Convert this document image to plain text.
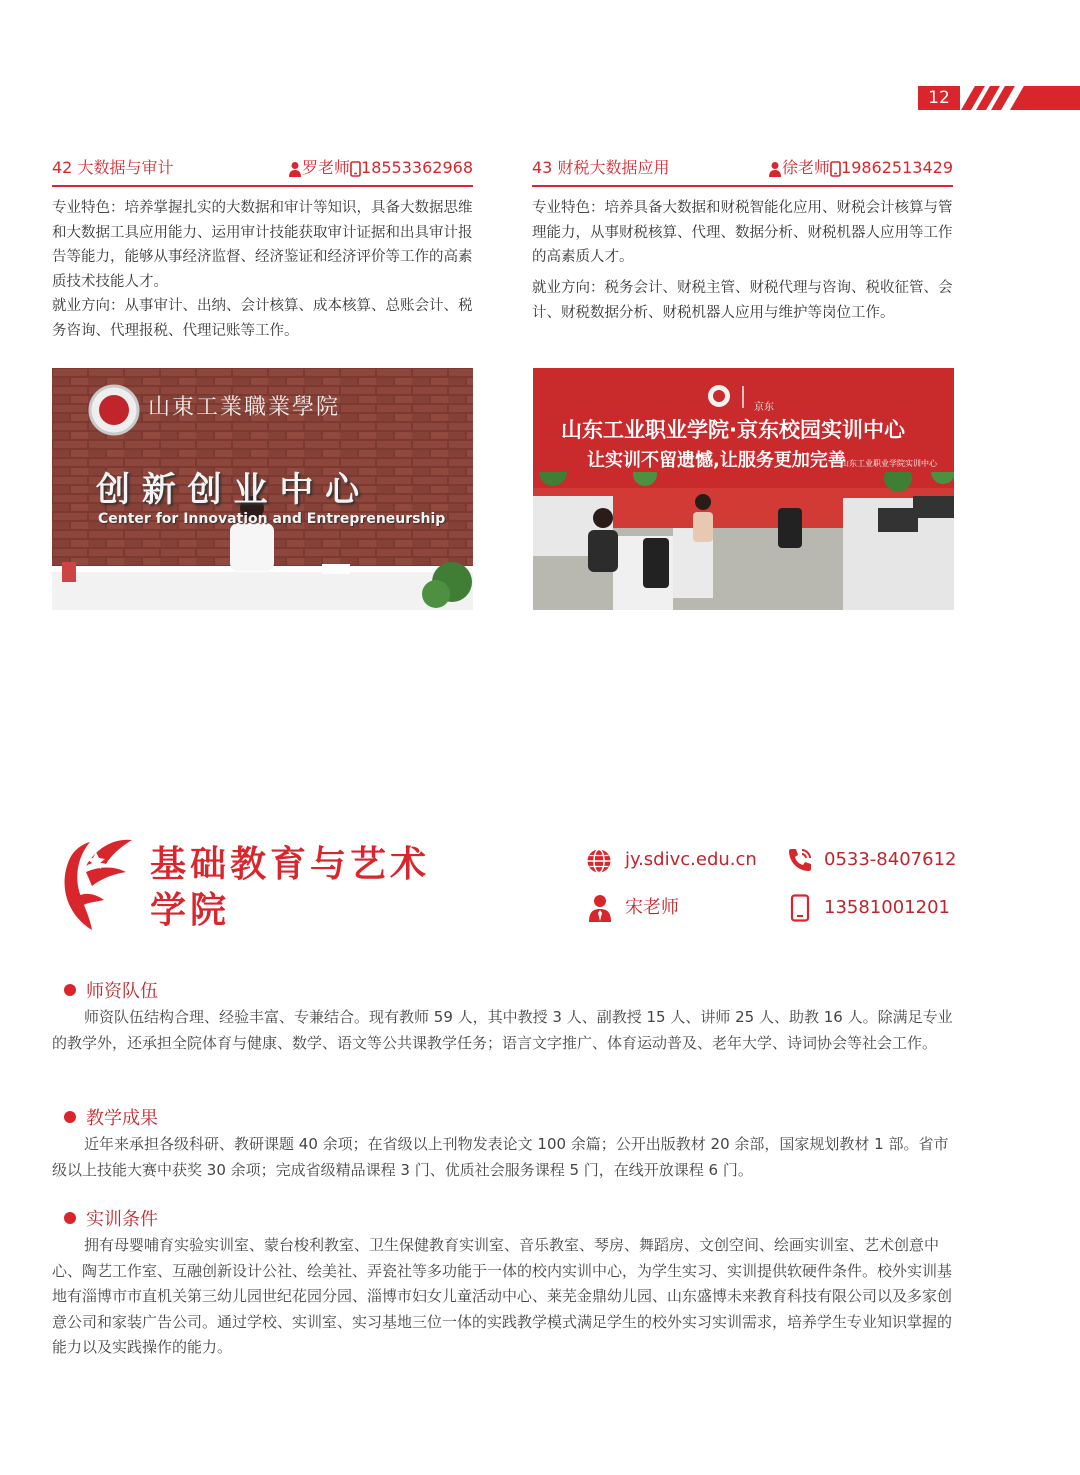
12
42 大数据与审计	罗老师 18553362968
专业特色：培养掌握扎实的大数据和审计等知识，具备大数据思维和大数据工具应用能力、运用审计技能获取审计证据和出具审计报告等能力，能够从事经济监督、经济鉴证和经济评价等工作的高素质技术技能人才。
就业方向：从事审计、出纳、会计核算、成本核算、总账会计、税务咨询、代理报税、代理记账等工作。
山東工業職業學院
创 新 创 业 中 心
Center for Innovation and Entrepreneurship
43 财税大数据应用	徐老师 19862513429
专业特色：培养具备大数据和财税智能化应用、财税会计核算与管理能力，从事财税核算、代理、数据分析、财税机器人应用等工作的高素质人才。
就业方向：税务会计、财税主管、财税代理与咨询、税收征管、会计、财税数据分析、财税机器人应用与维护等岗位工作。
京东
山东工业职业学院·京东校园实训中心
让实训不留遗憾,让服务更加完善
山东工业职业学院实训中心
基础教育与艺术
学院
jy.sdivc.edu.cn	0533-8407612
宋老师	13581001201
师资队伍
师资队伍结构合理、经验丰富、专兼结合。现有教师 59 人，其中教授 3 人、副教授 15 人、讲师 25 人、助教 16 人。除满足专业的教学外，还承担全院体育与健康、数学、语文等公共课教学任务；语言文字推广、体育运动普及、老年大学、诗词协会等社会工作。
教学成果
近年来承担各级科研、教研课题 40 余项；在省级以上刊物发表论文 100 余篇；公开出版教材 20 余部，国家规划教材 1 部。省市级以上技能大赛中获奖 30 余项；完成省级精品课程 3 门、优质社会服务课程 5 门，在线开放课程 6 门。
实训条件
拥有母婴哺育实验实训室、蒙台梭利教室、卫生保健教育实训室、音乐教室、琴房、舞蹈房、文创空间、绘画实训室、艺术创意中心、陶艺工作室、互融创新设计公社、绘美社、弄瓷社等多功能于一体的校内实训中心，为学生实习、实训提供软硬件条件。校外实训基地有淄博市市直机关第三幼儿园世纪花园分园、淄博市妇女儿童活动中心、莱芜金鼎幼儿园、山东盛博未来教育科技有限公司以及多家创意公司和家装广告公司。通过学校、实训室、实习基地三位一体的实践教学模式满足学生的校外实习实训需求，培养学生专业知识掌握的能力以及实践操作的能力。
